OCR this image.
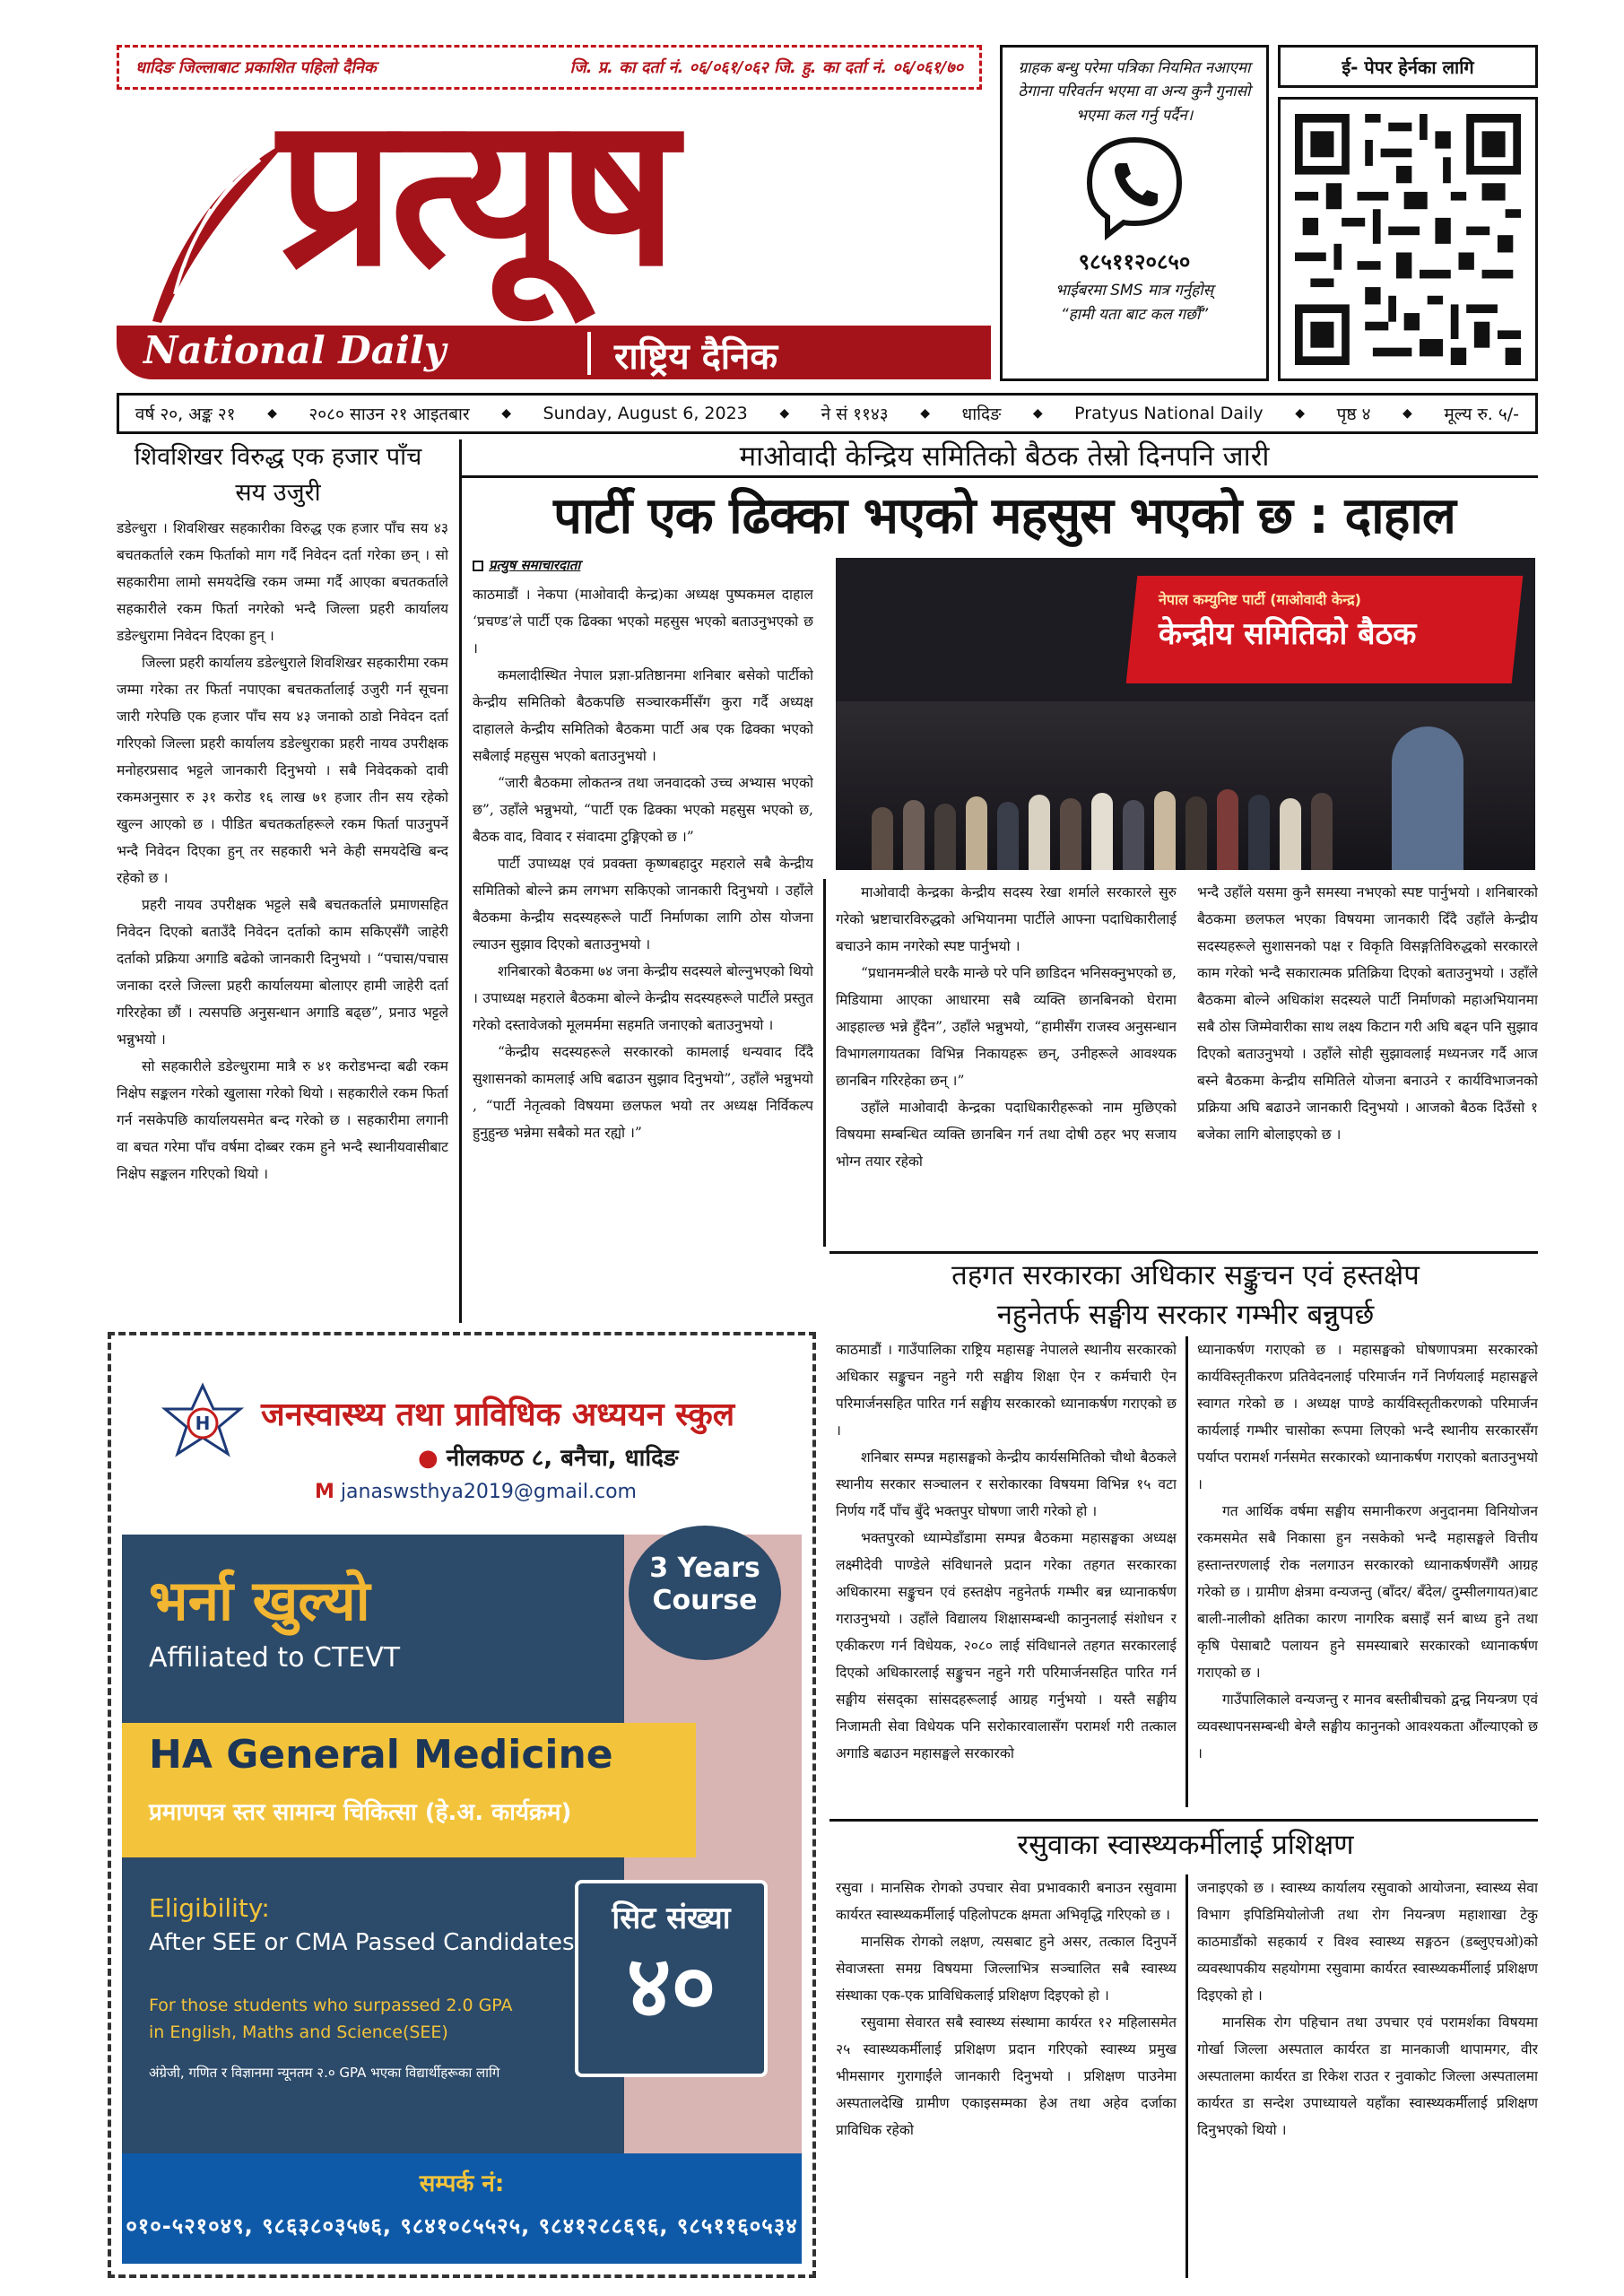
धादिङ जिल्लाबाट प्रकाशित पहिलो दैनिक	जि. प्र. का दर्ता नं. ०६/०६१/०६२ जि. हु. का दर्ता नं. ०६/०६१/७०
प्रत्यूष
National Daily	राष्ट्रिय दैनिक
ग्राहक बन्धु परेमा पत्रिका नियमित नआएमा ठेगाना परिवर्तन भएमा वा अन्य कुनै गुनासो भएमा कल गर्नु पर्दैन।
९८५११२०८५०
भाईबरमा SMS मात्र गर्नुहोस्
“हामी यता बाट कल गर्छौं”
ई- पेपर हेर्नका लागि
वर्ष २०, अङ्क २१	◆ २०८० साउन २१ आइतबार	◆ Sunday, August 6, 2023	◆ ने सं ११४३	◆ धादिङ	◆ Pratyus National Daily	◆ पृष्ठ ४	◆ मूल्य रु. ५/-
शिवशिखर विरुद्ध एक हजार पाँच सय उजुरी

डडेल्धुरा । शिवशिखर सहकारीका विरुद्ध एक हजार पाँच सय ४३ बचतकर्ताले रकम फिर्ताको माग गर्दै निवेदन दर्ता गरेका छन् । सो सहकारीमा लामो समयदेखि रकम जम्मा गर्दै आएका बचतकर्ताले सहकारीले रकम फिर्ता नगरेको भन्दै जिल्ला प्रहरी कार्यालय डडेल्धुरामा निवेदन दिएका हुन् ।

जिल्ला प्रहरी कार्यालय डडेल्धुराले शिवशिखर सहकारीमा रकम जम्मा गरेका तर फिर्ता नपाएका बचतकर्तालाई उजुरी गर्न सूचना जारी गरेपछि एक हजार पाँच सय ४३ जनाको ठाडो निवेदन दर्ता गरिएको जिल्ला प्रहरी कार्यालय डडेल्धुराका प्रहरी नायव उपरीक्षक मनोहरप्रसाद भट्टले जानकारी दिनुभयो । सबै निवेदकको दावी रकमअनुसार रु ३१ करोड १६ लाख ७१ हजार तीन सय रहेको खुल्न आएको छ । पीडित बचतकर्ताहरूले रकम फिर्ता पाउनुपर्ने भन्दै निवेदन दिएका हुन् तर सहकारी भने केही समयदेखि बन्द रहेको छ ।

प्रहरी नायव उपरीक्षक भट्टले सबै बचतकर्ताले प्रमाणसहित निवेदन दिएको बताउँदै निवेदन दर्ताको काम सकिएसँगै जाहेरी दर्ताको प्रक्रिया अगाडि बढेको जानकारी दिनुभयो । “पचास/पचास जनाका दरले जिल्ला प्रहरी कार्यालयमा बोलाएर हामी जाहेरी दर्ता गरिरहेका छौं । त्यसपछि अनुसन्धान अगाडि बढ्छ”, प्रनाउ भट्टले भन्नुभयो ।

सो सहकारीले डडेल्धुरामा मात्रै रु ४१ करोडभन्दा बढी रकम निक्षेप सङ्कलन गरेको खुलासा गरेको थियो । सहकारीले रकम फिर्ता गर्न नसकेपछि कार्यालयसमेत बन्द गरेको छ । सहकारीमा लगानी वा बचत गरेमा पाँच वर्षमा दोब्बर रकम हुने भन्दै स्थानीयवासीबाट निक्षेप सङ्कलन गरिएको थियो ।

माओवादी केन्द्रिय समितिको बैठक तेस्रो दिनपनि जारी
पार्टी एक ढिक्का भएको महसुस भएको छ : दाहाल
प्रत्युष समाचारदाता

काठमाडौं । नेकपा (माओवादी केन्द्र)का अध्यक्ष पुष्पकमल दाहाल ‘प्रचण्ड’ले पार्टी एक ढिक्का भएको महसुस भएको बताउनुभएको छ ।

कमलादीस्थित नेपाल प्रज्ञा-प्रतिष्ठानमा शनिबार बसेको पार्टीको केन्द्रीय समितिको बैठकपछि सञ्चारकर्मीसँग कुरा गर्दै अध्यक्ष दाहालले केन्द्रीय समितिको बैठकमा पार्टी अब एक ढिक्का भएको सबैलाई महसुस भएको बताउनुभयो ।

“जारी बैठकमा लोकतन्त्र तथा जनवादको उच्च अभ्यास भएको छ”, उहाँले भन्नुभयो, “पार्टी एक ढिक्का भएको महसुस भएको छ, बैठक वाद, विवाद र संवादमा टुङ्गिएको छ ।”

पार्टी उपाध्यक्ष एवं प्रवक्ता कृष्णबहादुर महराले सबै केन्द्रीय समितिको बोल्ने क्रम लगभग सकिएको जानकारी दिनुभयो । उहाँले बैठकमा केन्द्रीय सदस्यहरूले पार्टी निर्माणका लागि ठोस योजना ल्याउन सुझाव दिएको बताउनुभयो ।

शनिबारको बैठकमा ७४ जना केन्द्रीय सदस्यले बोल्नुभएको थियो । उपाध्यक्ष महराले बैठकमा बोल्ने केन्द्रीय सदस्यहरूले पार्टीले प्रस्तुत गरेको दस्तावेजको मूलमर्ममा सहमति जनाएको बताउनुभयो ।

“केन्द्रीय सदस्यहरूले सरकारको कामलाई धन्यवाद दिँदै सुशासनको कामलाई अघि बढाउन सुझाव दिनुभयो”, उहाँले भन्नुभयो , “पार्टी नेतृत्वको विषयमा छलफल भयो तर अध्यक्ष निर्विकल्प हुनुहुन्छ भन्नेमा सबैको मत रह्यो ।”

नेपाल कम्युनिष्ट पार्टी (माओवादी केन्द्र)
केन्द्रीय समितिको बैठक

माओवादी केन्द्रका केन्द्रीय सदस्य रेखा शर्माले सरकारले सुरु गरेको भ्रष्टाचारविरुद्धको अभियानमा पार्टीले आफ्ना पदाधिकारीलाई बचाउने काम नगरेको स्पष्ट पार्नुभयो ।

“प्रधानमन्त्रीले घरकै मान्छे परे पनि छाडिदन भनिसक्नुभएको छ, मिडियामा आएका आधारमा सबै व्यक्ति छानबिनको घेरामा आइहाल्छ भन्ने हुँदैन”, उहाँले भन्नुभयो, “हामीसँग राजस्व अनुसन्धान विभागलगायतका विभिन्न निकायहरू छन्, उनीहरूले आवश्यक छानबिन गरिरहेका छन् ।”

उहाँले माओवादी केन्द्रका पदाधिकारीहरूको नाम मुछिएको विषयमा सम्बन्धित व्यक्ति छानबिन गर्न तथा दोषी ठहर भए सजाय भोग्न तयार रहेको

भन्दै उहाँले यसमा कुनै समस्या नभएको स्पष्ट पार्नुभयो । शनिबारको बैठकमा छलफल भएका विषयमा जानकारी दिँदै उहाँले केन्द्रीय सदस्यहरूले सुशासनको पक्ष र विकृति विसङ्गतिविरुद्धको सरकारले काम गरेको भन्दै सकारात्मक प्रतिक्रिया दिएको बताउनुभयो । उहाँले बैठकमा बोल्ने अधिकांश सदस्यले पार्टी निर्माणको महाअभियानमा सबै ठोस जिम्मेवारीका साथ लक्ष्य किटान गरी अघि बढ्न पनि सुझाव दिएको बताउनुभयो । उहाँले सोही सुझावलाई मध्यनजर गर्दै आज बस्ने बैठकमा केन्द्रीय समितिले योजना बनाउने र कार्यविभाजनको प्रक्रिया अघि बढाउने जानकारी दिनुभयो । आजको बैठक दिउँसो १ बजेका लागि बोलाइएको छ ।

तहगत सरकारका अधिकार सङ्कुचन एवं हस्तक्षेप
नहुनेतर्फ सङ्घीय सरकार गम्भीर बन्नुपर्छ

काठमाडौं । गाउँपालिका राष्ट्रिय महासङ्घ नेपालले स्थानीय सरकारको अधिकार सङ्कुचन नहुने गरी सङ्घीय शिक्षा ऐन र कर्मचारी ऐन परिमार्जनसहित पारित गर्न सङ्घीय सरकारको ध्यानाकर्षण गराएको छ ।

शनिबार सम्पन्न महासङ्घको केन्द्रीय कार्यसमितिको चौथो बैठकले स्थानीय सरकार सञ्चालन र सरोकारका विषयमा विभिन्न १५ वटा निर्णय गर्दै पाँच बुँदे भक्तपुर घोषणा जारी गरेको हो ।

भक्तपुरको ध्याम्पेडाँडामा सम्पन्न बैठकमा महासङ्घका अध्यक्ष लक्ष्मीदेवी पाण्डेले संविधानले प्रदान गरेका तहगत सरकारका अधिकारमा सङ्कुचन एवं हस्तक्षेप नहुनेतर्फ गम्भीर बन्न ध्यानाकर्षण गराउनुभयो । उहाँले विद्यालय शिक्षासम्बन्धी कानुनलाई संशोधन र एकीकरण गर्न विधेयक, २०८० लाई संविधानले तहगत सरकारलाई दिएको अधिकारलाई सङ्कुचन नहुने गरी परिमार्जनसहित पारित गर्न सङ्घीय संसद्का सांसदहरूलाई आग्रह गर्नुभयो । यस्तै सङ्घीय निजामती सेवा विधेयक पनि सरोकारवालासँग परामर्श गरी तत्काल अगाडि बढाउन महासङ्घले सरकारको

ध्यानाकर्षण गराएको छ । महासङ्घको घोषणापत्रमा सरकारको कार्यविस्तृतीकरण प्रतिवेदनलाई परिमार्जन गर्ने निर्णयलाई महासङ्घले स्वागत गरेको छ । अध्यक्ष पाण्डे कार्यविस्तृतीकरणको परिमार्जन कार्यलाई गम्भीर चासोका रूपमा लिएको भन्दै स्थानीय सरकारसँग पर्याप्त परामर्श गर्नसमेत सरकारको ध्यानाकर्षण गराएको बताउनुभयो ।

गत आर्थिक वर्षमा सङ्घीय समानीकरण अनुदानमा विनियोजन रकमसमेत सबै निकासा हुन नसकेको भन्दै महासङ्घले वित्तीय हस्तान्तरणलाई रोक नलगाउन सरकारको ध्यानाकर्षणसँगै आग्रह गरेको छ । ग्रामीण क्षेत्रमा वन्यजन्तु (बाँदर/ बँदेल/ दुम्सीलगायत)बाट बाली-नालीको क्षतिका कारण नागरिक बसाइँ सर्न बाध्य हुने तथा कृषि पेसाबाटै पलायन हुने समस्याबारे सरकारको ध्यानाकर्षण गराएको छ ।

गाउँपालिकाले वन्यजन्तु र मानव बस्तीबीचको द्वन्द्व नियन्त्रण एवं व्यवस्थापनसम्बन्धी बेग्लै सङ्घीय कानुनको आवश्यकता औंल्याएको छ ।

रसुवाका स्वास्थ्यकर्मीलाई प्रशिक्षण

रसुवा । मानसिक रोगको उपचार सेवा प्रभावकारी बनाउन रसुवामा कार्यरत स्वास्थ्यकर्मीलाई पहिलोपटक क्षमता अभिवृद्धि गरिएको छ ।

मानसिक रोगको लक्षण, त्यसबाट हुने असर, तत्काल दिनुपर्ने सेवाजस्ता समग्र विषयमा जिल्लाभित्र सञ्चालित सबै स्वास्थ्य संस्थाका एक-एक प्राविधिकलाई प्रशिक्षण दिइएको हो ।

रसुवामा सेवारत सबै स्वास्थ्य संस्थामा कार्यरत १२ महिलासमेत २५ स्वास्थ्यकर्मीलाई प्रशिक्षण प्रदान गरिएको स्वास्थ्य प्रमुख भीमसागर गुरागाईंले जानकारी दिनुभयो । प्रशिक्षण पाउनेमा अस्पतालदेखि ग्रामीण एकाइसम्मका हेअ तथा अहेव दर्जाका प्राविधिक रहेको

जनाइएको छ । स्वास्थ्य कार्यालय रसुवाको आयोजना, स्वास्थ्य सेवा विभाग इपिडिमियोलोजी तथा रोग नियन्त्रण महाशाखा टेकु काठमाडौंको सहकार्य र विश्व स्वास्थ्य सङ्गठन (डब्लुएचओ)को व्यवस्थापकीय सहयोगमा रसुवामा कार्यरत स्वास्थ्यकर्मीलाई प्रशिक्षण दिइएको हो ।

मानसिक रोग पहिचान तथा उपचार एवं परामर्शका विषयमा गोर्खा जिल्ला अस्पताल कार्यरत डा मानकाजी थापामगर, वीर अस्पतालमा कार्यरत डा रिकेश राउत र नुवाकोट जिल्ला अस्पतालमा कार्यरत डा सन्देश उपाध्यायले यहाँका स्वास्थ्यकर्मीलाई प्रशिक्षण दिनुभएको थियो ।

H जनस्वास्थ्य तथा प्राविधिक अध्ययन स्कुल
● नीलकण्ठ ८, बनैचा, धादिङ
M janaswsthya2019@gmail.com
भर्ना खुल्यो
Affiliated to CTEVT
3 Years
Course
HA General Medicine
प्रमाणपत्र स्तर सामान्य चिकित्सा (हे.अ. कार्यक्रम)
Eligibility:
After SEE or CMA Passed Candidates
For those students who surpassed 2.0 GPA in English, Maths and Science(SEE)
अंग्रेजी, गणित र विज्ञानमा न्यूनतम २.० GPA भएका विद्यार्थीहरूका लागि
सिट संख्या
४०
सम्पर्क नं:
०१०-५२१०४९, ९८६३८०३५७६, ९८४१०८५५२५, ९८४१२८८६९६, ९८५११६०५३४
